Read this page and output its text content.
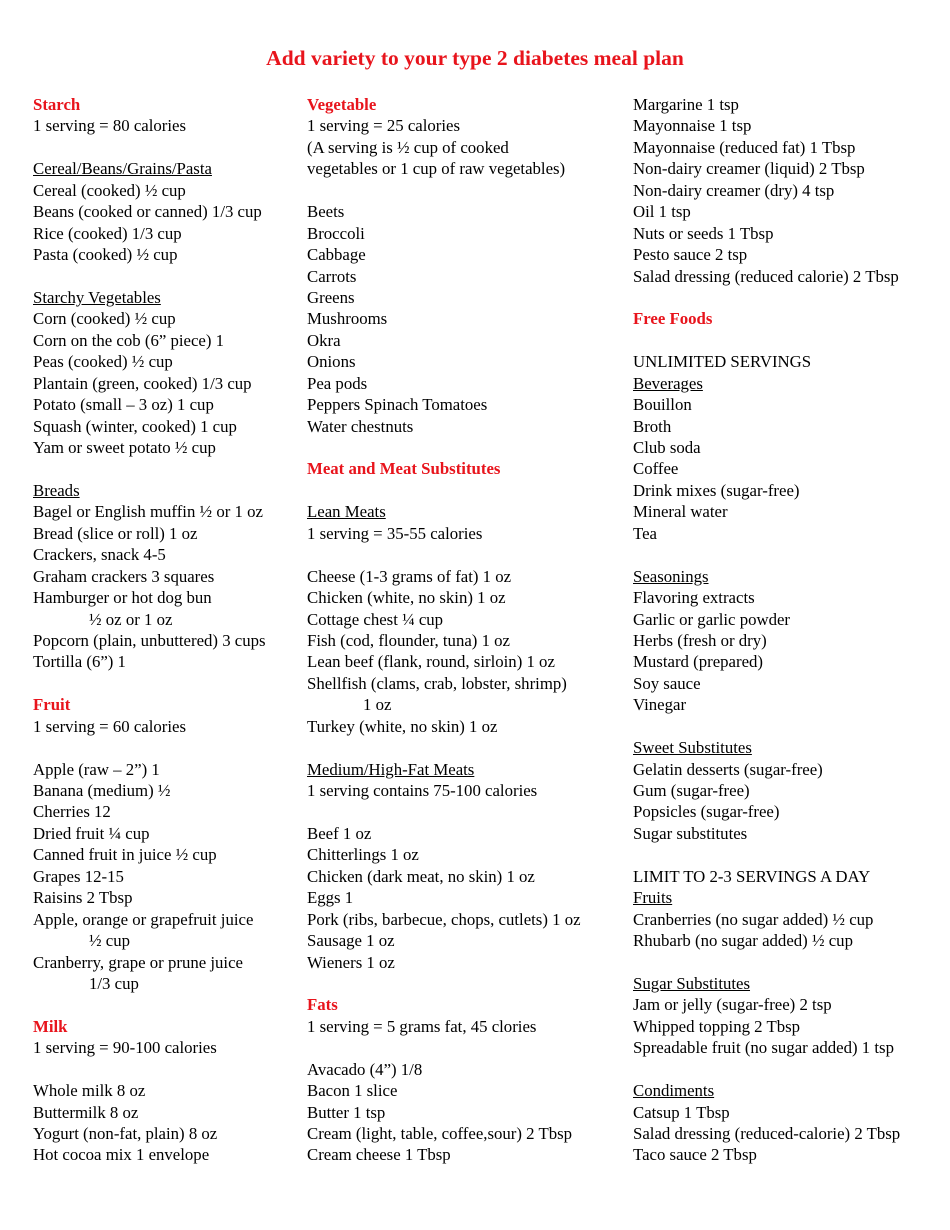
Add variety to your type 2 diabetes meal plan
Starch
1 serving = 80 calories
Cereal/Beans/Grains/Pasta
Cereal (cooked) ½ cup
Beans (cooked or canned) 1/3 cup
Rice (cooked) 1/3 cup
Pasta (cooked) ½ cup
Starchy Vegetables
Corn (cooked) ½ cup
Corn on the cob (6” piece) 1
Peas (cooked) ½ cup
Plantain (green, cooked) 1/3 cup
Potato (small – 3 oz) 1 cup
Squash (winter, cooked) 1 cup
Yam or sweet potato ½ cup
Breads
Bagel or English muffin ½ or 1 oz
Bread (slice or roll) 1 oz
Crackers, snack 4-5
Graham crackers 3 squares
Hamburger or hot dog bun
½ oz or 1 oz
Popcorn (plain, unbuttered) 3 cups
Tortilla (6”) 1
Fruit
1 serving = 60 calories
Apple (raw – 2”) 1
Banana (medium) ½
Cherries 12
Dried fruit ¼ cup
Canned fruit in juice ½ cup
Grapes 12-15
Raisins 2 Tbsp
Apple, orange or grapefruit juice
½ cup
Cranberry, grape or prune juice
1/3 cup
Milk
1 serving = 90-100 calories
Whole milk 8 oz
Buttermilk 8 oz
Yogurt (non-fat, plain) 8 oz
Hot cocoa mix 1 envelope
Vegetable
1 serving = 25 calories
(A serving is ½ cup of cooked
vegetables or 1 cup of raw vegetables)
Beets
Broccoli
Cabbage
Carrots
Greens
Mushrooms
Okra
Onions
Pea pods
Peppers Spinach Tomatoes
Water chestnuts
Meat and Meat Substitutes
Lean Meats
1 serving = 35-55 calories
Cheese (1-3 grams of fat) 1 oz
Chicken (white, no skin) 1 oz
Cottage chest ¼ cup
Fish (cod, flounder, tuna) 1 oz
Lean beef (flank, round, sirloin) 1 oz
Shellfish (clams, crab, lobster, shrimp)
1 oz
Turkey (white, no skin) 1 oz
Medium/High-Fat Meats
1 serving contains 75-100 calories
Beef 1 oz
Chitterlings 1 oz
Chicken (dark meat, no skin) 1 oz
Eggs 1
Pork (ribs, barbecue, chops, cutlets) 1 oz
Sausage 1 oz
Wieners 1 oz
Fats
1 serving = 5 grams fat, 45 clories
Avacado (4”) 1/8
Bacon 1 slice
Butter 1 tsp
Cream (light, table, coffee,sour) 2 Tbsp
Cream cheese 1 Tbsp
Margarine 1 tsp
Mayonnaise 1 tsp
Mayonnaise (reduced fat) 1 Tbsp
Non-dairy creamer (liquid) 2 Tbsp
Non-dairy creamer (dry) 4 tsp
Oil 1 tsp
Nuts or seeds 1 Tbsp
Pesto sauce 2 tsp
Salad dressing (reduced calorie) 2 Tbsp
Free Foods
UNLIMITED SERVINGS
Beverages
Bouillon
Broth
Club soda
Coffee
Drink mixes (sugar-free)
Mineral water
Tea
Seasonings
Flavoring extracts
Garlic or garlic powder
Herbs (fresh or dry)
Mustard (prepared)
Soy sauce
Vinegar
Sweet Substitutes
Gelatin desserts (sugar-free)
Gum (sugar-free)
Popsicles (sugar-free)
Sugar substitutes
LIMIT TO 2-3 SERVINGS A DAY
Fruits
Cranberries (no sugar added) ½ cup
Rhubarb (no sugar added) ½ cup
Sugar Substitutes
Jam or jelly (sugar-free) 2 tsp
Whipped topping 2 Tbsp
Spreadable fruit (no sugar added) 1 tsp
Condiments
Catsup 1 Tbsp
Salad dressing (reduced-calorie) 2 Tbsp
Taco sauce 2 Tbsp
